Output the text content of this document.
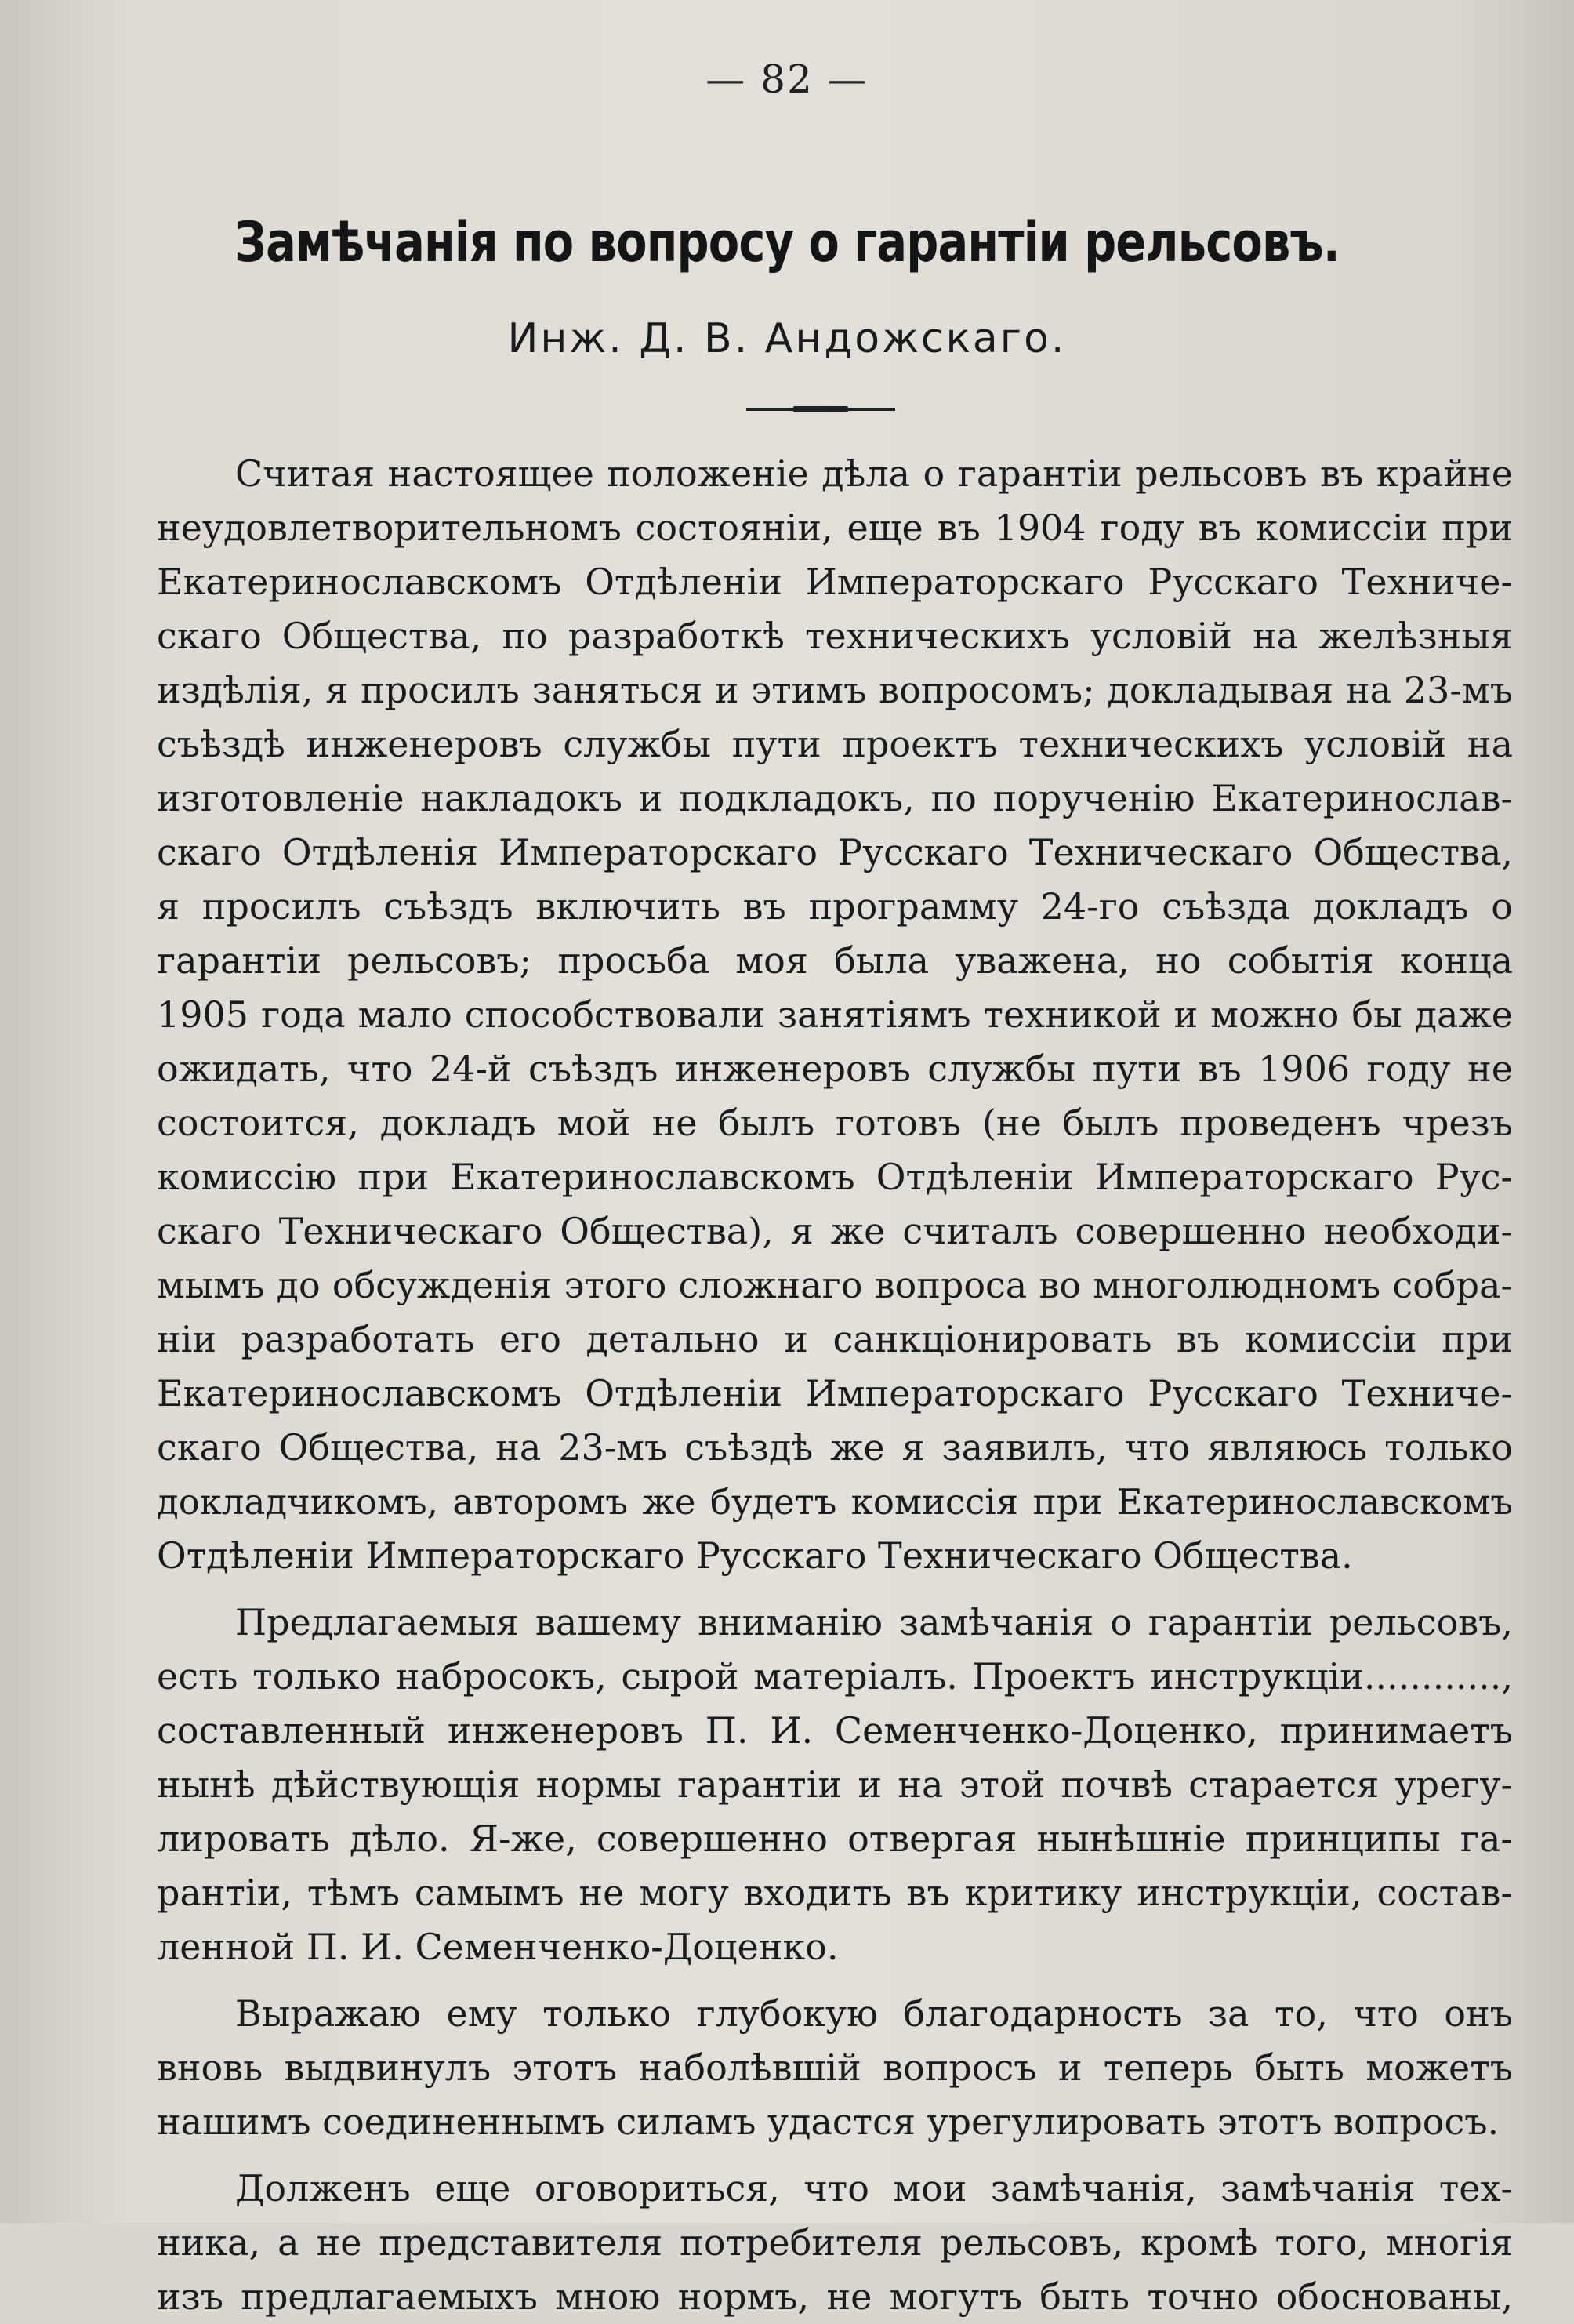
— 82 —
Замѣчанія по вопросу о гарантіи рельсовъ.
Инж. Д. В. Андожскаго.
Считая настоящее положеніе дѣла о гарантіи рельсовъ въ крайне
неудовлетворительномъ состояніи, еще въ 1904 году въ комиссіи при
Екатеринославскомъ Отдѣленіи Императорскаго Русскаго Техниче-
скаго Общества, по разработкѣ техническихъ условій на желѣзныя
издѣлія, я просилъ заняться и этимъ вопросомъ; докладывая на 23-мъ
съѣздѣ инженеровъ службы пути проектъ техническихъ условій на
изготовленіе накладокъ и подкладокъ, по порученію Екатеринослав-
скаго Отдѣленія Императорскаго Русскаго Техническаго Общества,
я просилъ съѣздъ включить въ программу 24-го съѣзда докладъ о
гарантіи рельсовъ; просьба моя была уважена, но событія конца
1905 года мало способствовали занятіямъ техникой и можно бы даже
ожидать, что 24-й съѣздъ инженеровъ службы пути въ 1906 году не
состоится, докладъ мой не былъ готовъ (не былъ проведенъ чрезъ
комиссію при Екатеринославскомъ Отдѣленіи Императорскаго Рус-
скаго Техническаго Общества), я же считалъ совершенно необходи-
мымъ до обсужденія этого сложнаго вопроса во многолюдномъ собра-
ніи разработать его детально и санкціонировать въ комиссіи при
Екатеринославскомъ Отдѣленіи Императорскаго Русскаго Техниче-
скаго Общества, на 23-мъ съѣздѣ же я заявилъ, что являюсь только
докладчикомъ, авторомъ же будетъ комиссія при Екатеринославскомъ
Отдѣленіи Императорскаго Русскаго Техническаго Общества.
Предлагаемыя вашему вниманію замѣчанія о гарантіи рельсовъ,
есть только набросокъ, сырой матеріалъ. Проектъ инструкціи............,
составленный инженеровъ П. И. Семенченко-Доценко, принимаетъ
нынѣ дѣйствующія нормы гарантіи и на этой почвѣ старается урегу-
лировать дѣло. Я-же, совершенно отвергая нынѣшніе принципы га-
рантіи, тѣмъ самымъ не могу входить въ критику инструкціи, состав-
ленной П. И. Семенченко-Доценко.
Выражаю ему только глубокую благодарность за то, что онъ
вновь выдвинулъ этотъ наболѣвшій вопросъ и теперь быть можетъ
нашимъ соединеннымъ силамъ удастся урегулировать этотъ вопросъ.
Долженъ еще оговориться, что мои замѣчанія, замѣчанія тех-
ника, а не представителя потребителя рельсовъ, кромѣ того, многія
изъ предлагаемыхъ мною нормъ, не могутъ быть точно обоснованы,
